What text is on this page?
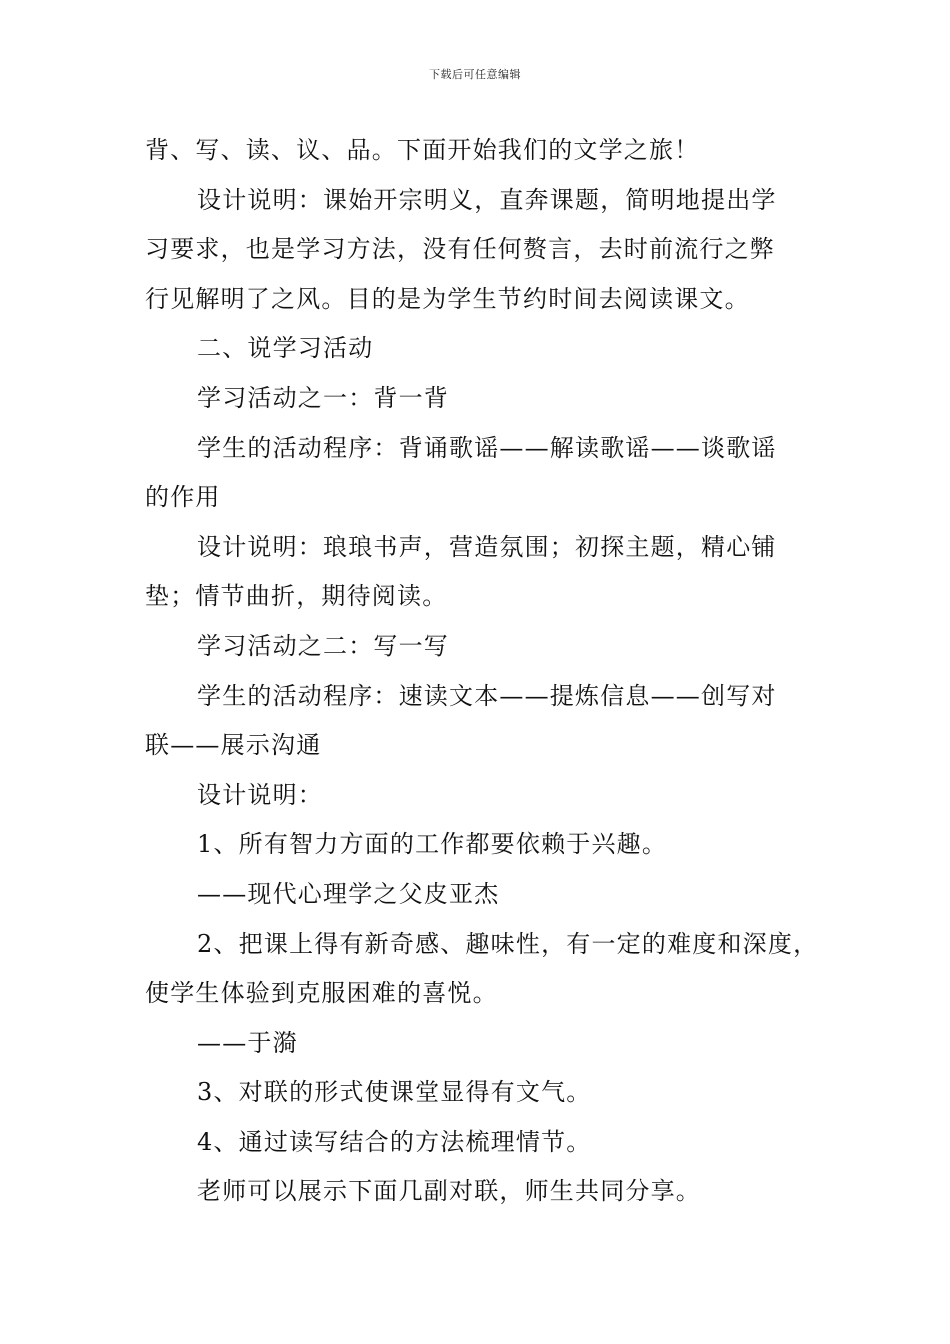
下载后可任意编辑
背、写、读、议、品。下面开始我们的文学之旅！
设计说明：课始开宗明义，直奔课题，简明地提出学
习要求，也是学习方法，没有任何赘言，去时前流行之弊
行见解明了之风。目的是为学生节约时间去阅读课文。
二、说学习活动
学习活动之一：背一背
学生的活动程序：背诵歌谣——解读歌谣——谈歌谣
的作用
设计说明：琅琅书声，营造氛围；初探主题，精心铺
垫；情节曲折，期待阅读。
学习活动之二：写一写
学生的活动程序：速读文本——提炼信息——创写对
联——展示沟通
设计说明：
1、所有智力方面的工作都要依赖于兴趣。
——现代心理学之父皮亚杰
2、把课上得有新奇感、趣味性，有一定的难度和深度，
使学生体验到克服困难的喜悦。
——于漪
3、对联的形式使课堂显得有文气。
4、通过读写结合的方法梳理情节。
老师可以展示下面几副对联，师生共同分享。
